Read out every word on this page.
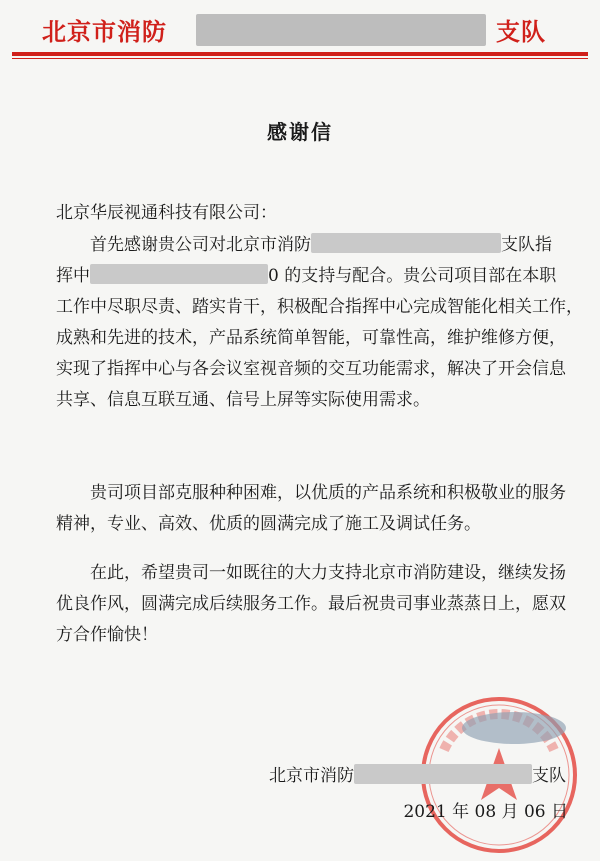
北京市消防	支队
感谢信
北京华辰视通科技有限公司：
首先感谢贵公司对北京市消防	支队指
挥中	0 的支持与配合。贵公司项目部在本职
工作中尽职尽责、踏实肯干，积极配合指挥中心完成智能化相关工作，
成熟和先进的技术，产品系统简单智能，可靠性高，维护维修方便，
实现了指挥中心与各会议室视音频的交互功能需求，解决了开会信息
共享、信息互联互通、信号上屏等实际使用需求。
贵司项目部克服种种困难，以优质的产品系统和积极敬业的服务
精神，专业、高效、优质的圆满完成了施工及调试任务。
在此，希望贵司一如既往的大力支持北京市消防建设，继续发扬
优良作风，圆满完成后续服务工作。最后祝贵司事业蒸蒸日上，愿双
方合作愉快！
北京市消防	支队
2021 年 08 月 06 日
